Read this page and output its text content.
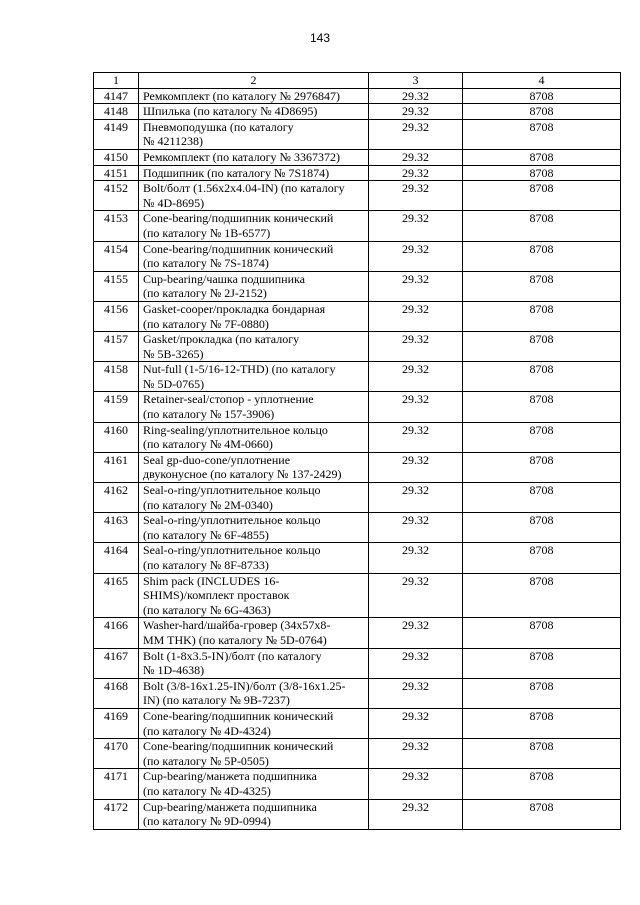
143
1	2	3	4
4147	Ремкомплект (по каталогу № 2976847)	29.32	8708
4148	Шпилька (по каталогу № 4D8695)	29.32	8708
4149	Пневмоподушка (по каталогу
№ 4211238)	29.32	8708
4150	Ремкомплект (по каталогу № 3367372)	29.32	8708
4151	Подшипник (по каталогу № 7S1874)	29.32	8708
4152	Bolt/болт (1.56x2x4.04-IN) (по каталогу
№ 4D-8695)	29.32	8708
4153	Cone-bearing/подшипник конический
(по каталогу № 1B-6577)	29.32	8708
4154	Cone-bearing/подшипник конический
(по каталогу № 7S-1874)	29.32	8708
4155	Cup-bearing/чашка подшипника
(по каталогу № 2J-2152)	29.32	8708
4156	Gasket-cooper/прокладка бондарная
(по каталогу № 7F-0880)	29.32	8708
4157	Gasket/прокладка (по каталогу
№ 5B-3265)	29.32	8708
4158	Nut-full (1-5/16-12-THD) (по каталогу
№ 5D-0765)	29.32	8708
4159	Retainer-seal/стопор - уплотнение
(по каталогу № 157-3906)	29.32	8708
4160	Ring-sealing/уплотнительное кольцо
(по каталогу № 4M-0660)	29.32	8708
4161	Seal gp-duo-cone/уплотнение
двуконусное (по каталогу № 137-2429)	29.32	8708
4162	Seal-o-ring/уплотнительное кольцо
(по каталогу № 2M-0340)	29.32	8708
4163	Seal-o-ring/уплотнительное кольцо
(по каталогу № 6F-4855)	29.32	8708
4164	Seal-o-ring/уплотнительное кольцо
(по каталогу № 8F-8733)	29.32	8708
4165	Shim pack (INCLUDES 16-
SHIMS)/комплект проставок
(по каталогу № 6G-4363)	29.32	8708
4166	Washer-hard/шайба-гровер (34x57x8-
MM THK) (по каталогу № 5D-0764)	29.32	8708
4167	Bolt (1-8x3.5-IN)/болт (по каталогу
№ 1D-4638)	29.32	8708
4168	Bolt (3/8-16x1.25-IN)/болт (3/8-16x1.25-
IN) (по каталогу № 9B-7237)	29.32	8708
4169	Cone-bearing/подшипник конический
(по каталогу № 4D-4324)	29.32	8708
4170	Cone-bearing/подшипник конический
(по каталогу № 5P-0505)	29.32	8708
4171	Cup-bearing/манжета подшипника
(по каталогу № 4D-4325)	29.32	8708
4172	Cup-bearing/манжета подшипника
(по каталогу № 9D-0994)	29.32	8708
